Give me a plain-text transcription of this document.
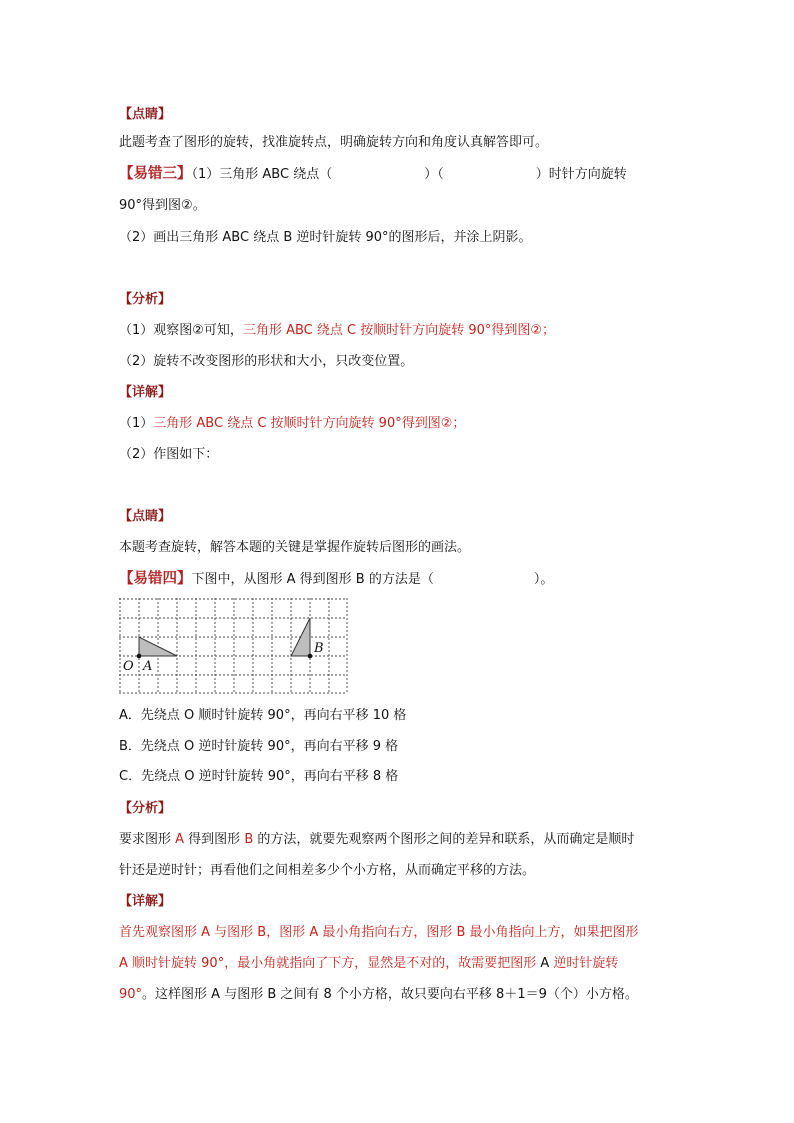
【点睛】
此题考查了图形的旋转，找准旋转点，明确旋转方向和角度认真解答即可。
【易错三】（1）三角形 ABC 绕点（	）（	）时针方向旋转
90°得到图②。
（2）画出三角形 ABC 绕点 B 逆时针旋转 90°的图形后，并涂上阴影。
【分析】
（1）观察图②可知，三角形 ABC 绕点 C 按顺时针方向旋转 90°得到图②；
（2）旋转不改变图形的形状和大小，只改变位置。
【详解】
（1）三角形 ABC 绕点 C 按顺时针方向旋转 90°得到图②；
（2）作图如下：
【点睛】
本题考查旋转，解答本题的关键是掌握作旋转后图形的画法。
【易错四】下图中，从图形 A 得到图形 B 的方法是（	）。
O A
B
A．先绕点 O 顺时针旋转 90°，再向右平移 10 格
B．先绕点 O 逆时针旋转 90°，再向右平移 9 格
C．先绕点 O 逆时针旋转 90°，再向右平移 8 格
【分析】
要求图形 A 得到图形 B 的方法，就要先观察两个图形之间的差异和联系，从而确定是顺时
针还是逆时针；再看他们之间相差多少个小方格，从而确定平移的方法。
【详解】
首先观察图形 A 与图形 B，图形 A 最小角指向右方，图形 B 最小角指向上方，如果把图形
A 顺时针旋转 90°，最小角就指向了下方，显然是不对的，故需要把图形 A 逆时针旋转
90°。这样图形 A 与图形 B 之间有 8 个小方格，故只要向右平移 8＋1＝9（个）小方格。
